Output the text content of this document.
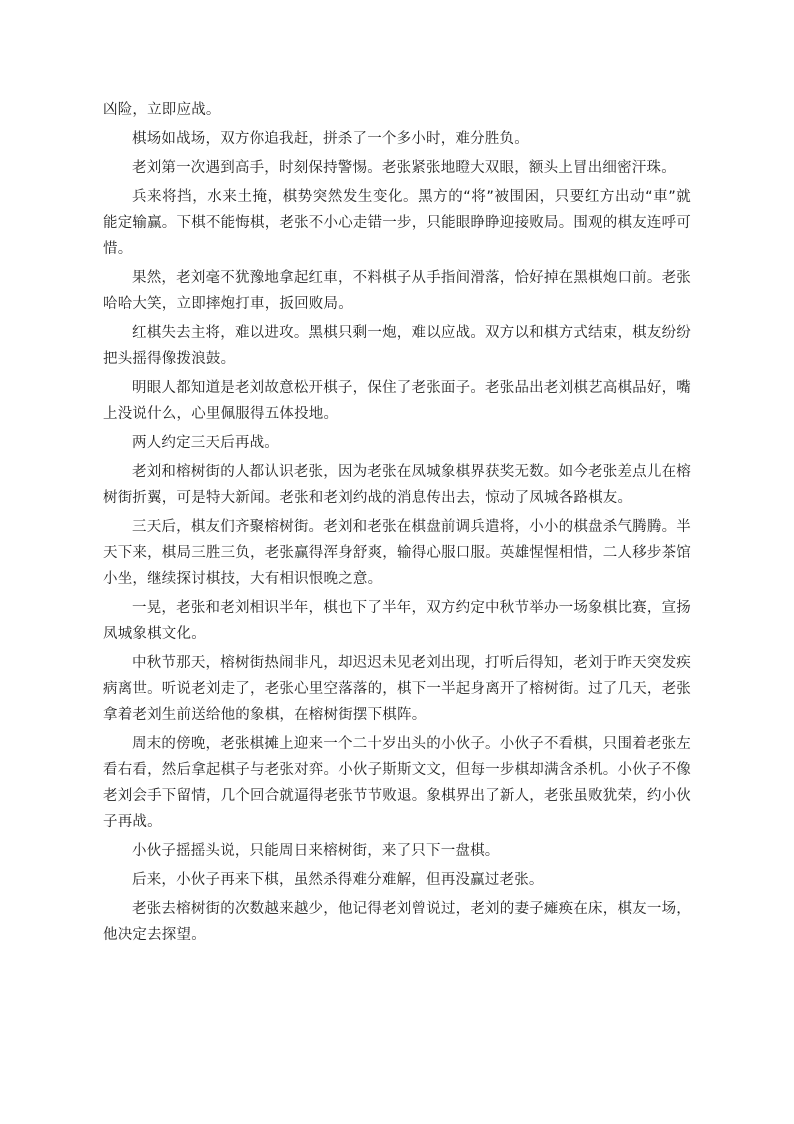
凶险，立即应战。

棋场如战场，双方你追我赶，拼杀了一个多小时，难分胜负。

老刘第一次遇到高手，时刻保持警惕。老张紧张地瞪大双眼，额头上冒出细密汗珠。

兵来将挡，水来土掩，棋势突然发生变化。黑方的“将”被围困，只要红方出动“車”就能定输赢。下棋不能悔棋，老张不小心走错一步，只能眼睁睁迎接败局。围观的棋友连呼可惜。

果然，老刘毫不犹豫地拿起红車，不料棋子从手指间滑落，恰好掉在黑棋炮口前。老张哈哈大笑，立即摔炮打車，扳回败局。

红棋失去主将，难以进攻。黑棋只剩一炮，难以应战。双方以和棋方式结束，棋友纷纷把头摇得像拨浪鼓。

明眼人都知道是老刘故意松开棋子，保住了老张面子。老张品出老刘棋艺高棋品好，嘴上没说什么，心里佩服得五体投地。

两人约定三天后再战。

老刘和榕树街的人都认识老张，因为老张在凤城象棋界获奖无数。如今老张差点儿在榕树街折翼，可是特大新闻。老张和老刘约战的消息传出去，惊动了凤城各路棋友。

三天后，棋友们齐聚榕树街。老刘和老张在棋盘前调兵遣将，小小的棋盘杀气腾腾。半天下来，棋局三胜三负，老张赢得浑身舒爽，输得心服口服。英雄惺惺相惜，二人移步茶馆小坐，继续探讨棋技，大有相识恨晚之意。

一晃，老张和老刘相识半年，棋也下了半年，双方约定中秋节举办一场象棋比赛，宣扬凤城象棋文化。

中秋节那天，榕树街热闹非凡，却迟迟未见老刘出现，打听后得知，老刘于昨天突发疾病离世。听说老刘走了，老张心里空落落的，棋下一半起身离开了榕树街。过了几天，老张拿着老刘生前送给他的象棋，在榕树街摆下棋阵。

周末的傍晚，老张棋摊上迎来一个二十岁出头的小伙子。小伙子不看棋，只围着老张左看右看，然后拿起棋子与老张对弈。小伙子斯斯文文，但每一步棋却满含杀机。小伙子不像老刘会手下留情，几个回合就逼得老张节节败退。象棋界出了新人，老张虽败犹荣，约小伙子再战。

小伙子摇摇头说，只能周日来榕树街，来了只下一盘棋。

后来，小伙子再来下棋，虽然杀得难分难解，但再没赢过老张。

老张去榕树街的次数越来越少，他记得老刘曾说过，老刘的妻子瘫痪在床，棋友一场，他决定去探望。
